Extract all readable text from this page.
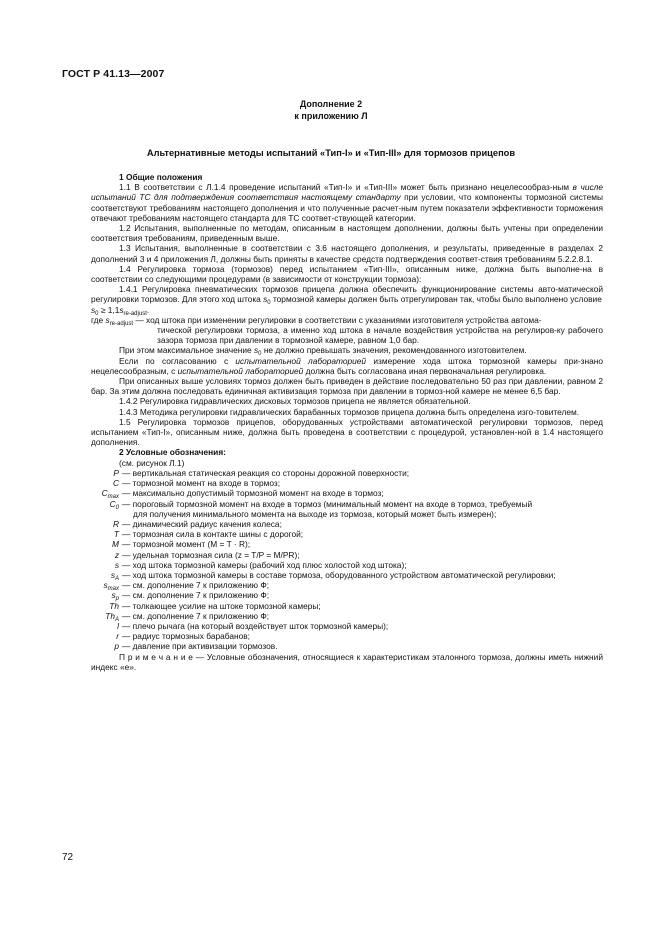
ГОСТ Р 41.13—2007
Дополнение 2
к приложению Л
Альтернативные методы испытаний «Тип-I» и «Тип-III» для тормозов прицепов

1 Общие положения

1.1 В соответствии с Л.1.4 проведение испытаний «Тип-I» и «Тип-III» может быть признано нецелесообраз-ным в числе испытаний ТС для подтверждения соответствия настоящему стандарту при условии, что компоненты тормозной системы соответствуют требованиям настоящего дополнения и что полученные расчет-ным путем показатели эффективности торможения отвечают требованиям настоящего стандарта для ТС соответ-ствующей категории.

1.2 Испытания, выполненные по методам, описанным в настоящем дополнении, должны быть учтены при определении соответствия требованиям, приведенным выше.

1.3 Испытания, выполненные в соответствии с 3.6 настоящего дополнения, и результаты, приведенные в разделах 2 дополнений 3 и 4 приложения Л, должны быть приняты в качестве средств подтверждения соответ-ствия требованиям 5.2.2.8.1.

1.4 Регулировка тормоза (тормозов) перед испытанием «Тип-III», описанным ниже, должна быть выполне-на в соответствии со следующими процедурами (в зависимости от конструкции тормоза):

1.4.1 Регулировка пневматических тормозов прицепа должна обеспечить функционирование системы авто-матической регулировки тормозов. Для этого ход штока $s_0$ тормозной камеры должен быть отрегулирован так, чтобы было выполнено условие

$s_0 \ge 1,1s_{re-adjust}$.

где $s_{re-adjust}$ — ход штока при изменении регулировки в соответствии с указаниями изготовителя устройства автома-
тической регулировки тормоза, а именно ход штока в начале воздействия устройства на регулиров-ку рабочего зазора тормоза при давлении в тормозной камере, равном 1,0 бар.

При этом максимальное значение $s_0$ не должно превышать значения, рекомендованного изготовителем.

Если по согласованию с испытательной лабораторией измерение хода штока тормозной камеры при-знано нецелесообразным, с испытательной лабораторией должна быть согласована иная первоначальная регулировка.

При описанных выше условиях тормоз должен быть приведен в действие последовательно 50 раз при давлении, равном 2 бар. За этим должна последовать единичная активизация тормоза при давлении в тормоз-ной камере не менее 6,5 бар.

1.4.2 Регулировка гидравлических дисковых тормозов прицепа не является обязательной.

1.4.3 Методика регулировки гидравлических барабанных тормозов прицепа должна быть определена изго-товителем.

1.5 Регулировка тормозов прицепов, оборудованных устройствами автоматической регулировки тормозов, перед испытанием «Тип-I», описанным ниже, должна быть проведена в соответствии с процедурой, установлен-ной в 1.4 настоящего дополнения.

2 Условные обозначения:

(см. рисунок Л.1)

P — вертикальная статическая реакция со стороны дорожной поверхности;
C — тормозной момент на входе в тормоз;
$C_{max}$ — максимально допустимый тормозной момент на входе в тормоз;
$C_0$ — пороговый тормозной момент на входе в тормоз (минимальный момент на входе в тормоз, требуемый
для получения минимального момента на выходе из тормоза, который может быть измерен);
R — динамический радиус качения колеса;
T — тормозная сила в контакте шины с дорогой;
M — тормозной момент (M = T · R);
z — удельная тормозная сила (z = T/P = M/PR);
s — ход штока тормозной камеры (рабочий ход плюс холостой ход штока);
$s_A$ — ход штока тормозной камеры в составе тормоза, оборудованного устройством автоматической регулировки;
$s_{max}$ — см. дополнение 7 к приложению Ф;
$s_p$ — см. дополнение 7 к приложению Ф;
Th — толкающее усилие на штоке тормозной камеры;
$Th_A$ — см. дополнение 7 к приложению Ф;
l — плечо рычага (на который воздействует шток тормозной камеры);
r — радиус тормозных барабанов;
p — давление при активизации тормозов.

П р и м е ч а н и е — Условные обозначения, относящиеся к характеристикам эталонного тормоза, должны иметь нижний индекс «e».

72
